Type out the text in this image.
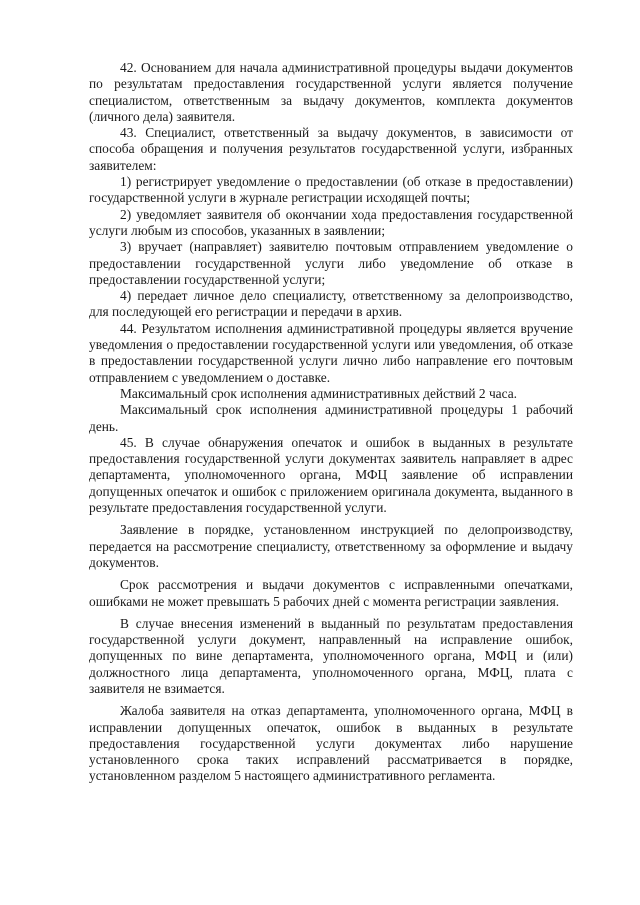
42. Основанием для начала административной процедуры выдачи документов по результатам предоставления государственной услуги является получение специалистом, ответственным за выдачу документов, комплекта документов (личного дела) заявителя.

43. Специалист, ответственный за выдачу документов, в зависимости от способа обращения и получения результатов государственной услуги, избранных заявителем:

1) регистрирует уведомление о предоставлении (об отказе в предоставлении) государственной услуги в журнале регистрации исходящей почты;

2) уведомляет заявителя об окончании хода предоставления государственной услуги любым из способов, указанных в заявлении;

3) вручает (направляет) заявителю почтовым отправлением уведомление о предоставлении государственной услуги либо уведомление об отказе в предоставлении государственной услуги;

4) передает личное дело специалисту, ответственному за делопроизводство, для последующей его регистрации и передачи в архив.

44. Результатом исполнения административной процедуры является вручение уведомления о предоставлении государственной услуги или уведомления, об отказе в предоставлении государственной услуги лично либо направление его почтовым отправлением с уведомлением о доставке.

Максимальный срок исполнения административных действий 2 часа.

Максимальный срок исполнения административной процедуры 1 рабочий день.

45. В случае обнаружения опечаток и ошибок в выданных в результате предоставления государственной услуги документах заявитель направляет в адрес департамента, уполномоченного органа, МФЦ заявление об исправлении допущенных опечаток и ошибок с приложением оригинала документа, выданного в результате предоставления государственной услуги.

Заявление в порядке, установленном инструкцией по делопроизводству, передается на рассмотрение специалисту, ответственному за оформление и выдачу документов.

Срок рассмотрения и выдачи документов с исправленными опечатками, ошибками не может превышать 5 рабочих дней с момента регистрации заявления.

В случае внесения изменений в выданный по результатам предоставления государственной услуги документ, направленный на исправление ошибок, допущенных по вине департамента, уполномоченного органа, МФЦ и (или) должностного лица департамента, уполномоченного органа, МФЦ, плата с заявителя не взимается.

Жалоба заявителя на отказ департамента, уполномоченного органа, МФЦ в исправлении допущенных опечаток, ошибок в выданных в результате предоставления государственной услуги документах либо нарушение установленного срока таких исправлений рассматривается в порядке, установленном разделом 5 настоящего административного регламента.
